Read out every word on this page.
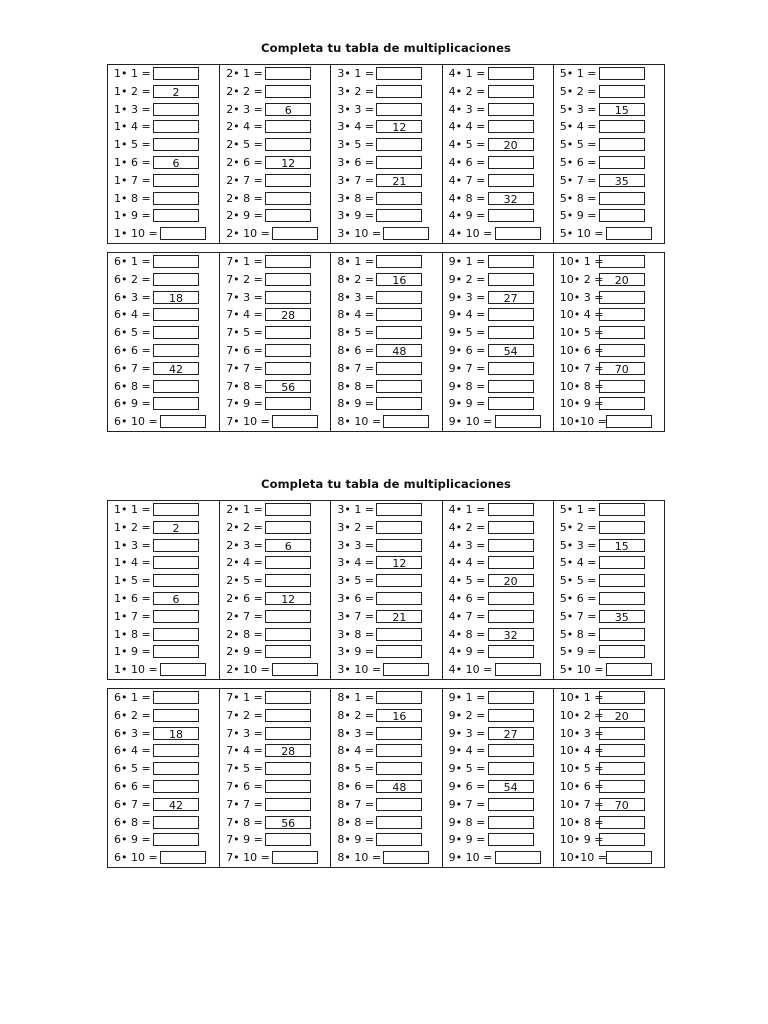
Completa tu tabla de multiplicaciones
1• 1 =
1• 2 =	2
1• 3 =
1• 4 =
1• 5 =
1• 6 =	6
1• 7 =
1• 8 =
1• 9 =
1• 10 =
2• 1 =
2• 2 =
2• 3 =	6
2• 4 =
2• 5 =
2• 6 =	12
2• 7 =
2• 8 =
2• 9 =
2• 10 =
3• 1 =
3• 2 =
3• 3 =
3• 4 =	12
3• 5 =
3• 6 =
3• 7 =	21
3• 8 =
3• 9 =
3• 10 =
4• 1 =
4• 2 =
4• 3 =
4• 4 =
4• 5 =	20
4• 6 =
4• 7 =
4• 8 =	32
4• 9 =
4• 10 =
5• 1 =
5• 2 =
5• 3 =	15
5• 4 =
5• 5 =
5• 6 =
5• 7 =	35
5• 8 =
5• 9 =
5• 10 =
6• 1 =
6• 2 =
6• 3 =	18
6• 4 =
6• 5 =
6• 6 =
6• 7 =	42
6• 8 =
6• 9 =
6• 10 =
7• 1 =
7• 2 =
7• 3 =
7• 4 =	28
7• 5 =
7• 6 =
7• 7 =
7• 8 =	56
7• 9 =
7• 10 =
8• 1 =
8• 2 =	16
8• 3 =
8• 4 =
8• 5 =
8• 6 =	48
8• 7 =
8• 8 =
8• 9 =
8• 10 =
9• 1 =
9• 2 =
9• 3 =	27
9• 4 =
9• 5 =
9• 6 =	54
9• 7 =
9• 8 =
9• 9 =
9• 10 =
10• 1 =
10• 2 =	20
10• 3 =
10• 4 =
10• 5 =
10• 6 =
10• 7 =	70
10• 8 =
10• 9 =
10•10 =
Completa tu tabla de multiplicaciones
1• 1 =
1• 2 =	2
1• 3 =
1• 4 =
1• 5 =
1• 6 =	6
1• 7 =
1• 8 =
1• 9 =
1• 10 =
2• 1 =
2• 2 =
2• 3 =	6
2• 4 =
2• 5 =
2• 6 =	12
2• 7 =
2• 8 =
2• 9 =
2• 10 =
3• 1 =
3• 2 =
3• 3 =
3• 4 =	12
3• 5 =
3• 6 =
3• 7 =	21
3• 8 =
3• 9 =
3• 10 =
4• 1 =
4• 2 =
4• 3 =
4• 4 =
4• 5 =	20
4• 6 =
4• 7 =
4• 8 =	32
4• 9 =
4• 10 =
5• 1 =
5• 2 =
5• 3 =	15
5• 4 =
5• 5 =
5• 6 =
5• 7 =	35
5• 8 =
5• 9 =
5• 10 =
6• 1 =
6• 2 =
6• 3 =	18
6• 4 =
6• 5 =
6• 6 =
6• 7 =	42
6• 8 =
6• 9 =
6• 10 =
7• 1 =
7• 2 =
7• 3 =
7• 4 =	28
7• 5 =
7• 6 =
7• 7 =
7• 8 =	56
7• 9 =
7• 10 =
8• 1 =
8• 2 =	16
8• 3 =
8• 4 =
8• 5 =
8• 6 =	48
8• 7 =
8• 8 =
8• 9 =
8• 10 =
9• 1 =
9• 2 =
9• 3 =	27
9• 4 =
9• 5 =
9• 6 =	54
9• 7 =
9• 8 =
9• 9 =
9• 10 =
10• 1 =
10• 2 =	20
10• 3 =
10• 4 =
10• 5 =
10• 6 =
10• 7 =	70
10• 8 =
10• 9 =
10•10 =
